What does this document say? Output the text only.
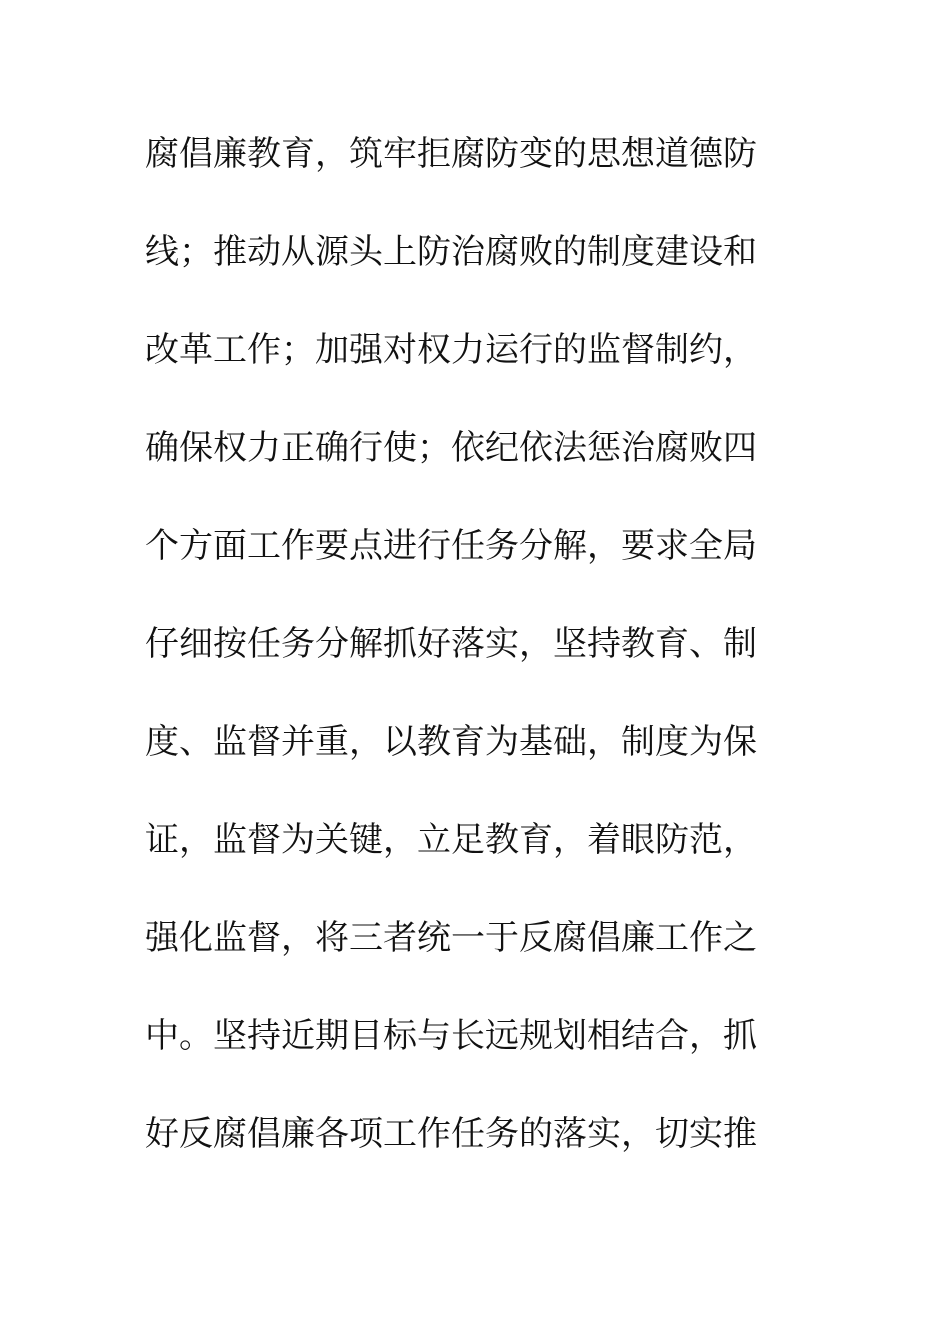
腐倡廉教育，筑牢拒腐防变的思想道德防
线；推动从源头上防治腐败的制度建设和
改革工作；加强对权力运行的监督制约，
确保权力正确行使；依纪依法惩治腐败四
个方面工作要点进行任务分解，要求全局
仔细按任务分解抓好落实，坚持教育、制
度、监督并重，以教育为基础，制度为保
证，监督为关键，立足教育，着眼防范，
强化监督，将三者统一于反腐倡廉工作之
中。坚持近期目标与长远规划相结合，抓
好反腐倡廉各项工作任务的落实，切实推
